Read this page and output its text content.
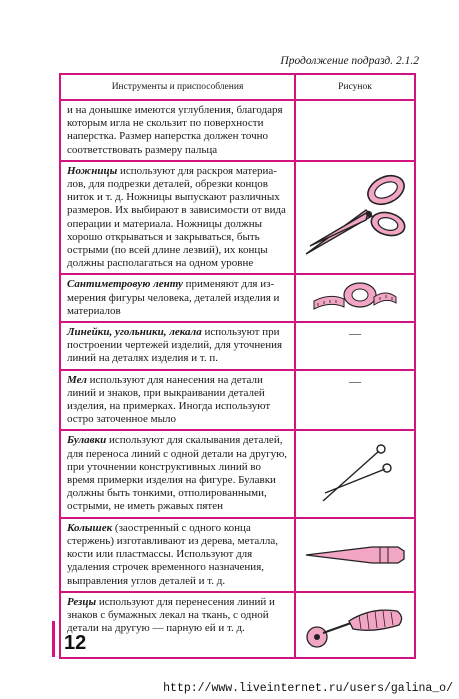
Продолжение подразд. 2.1.2
Инструменты и приспособления	Рисунок
и на донышке имеются углубления, благодаря которым игла не скользит по поверхности наперстка. Размер наперстка должен точно соответствовать размеру пальца	
Ножницы используют для раскроя материалов, для подрезки деталей, обрезки концов ниток и т. д. Ножницы выпускают различных размеров. Их выбирают в зависимости от вида операции и материала. Ножницы должны хорошо открываться и закрываться, быть острыми (по всей длине лезвий), их концы должны располагаться на одном уровне	

Сантиметровую ленту применяют для измерения фигуры человека, деталей изделия и материалов	

Линейки, угольники, лекала используют при построении чертежей изделий, для уточнения линий на деталях изделия и т. п.	—

Мел используют для нанесения на детали линий и знаков, при выкраивании деталей изделия, на примерках. Иногда используют остро заточенное мыло	—

Булавки используют для скалывания деталей, для переноса линий с одной детали на другую, при уточнении конструктивных линий во время примерки изделия на фигуре. Булавки должны быть тонкими, отполированными, острыми, не иметь ржавых пятен	

Колышек (заостренный с одного конца стержень) изготавливают из дерева, металла, кости или пластмассы. Используют для удаления строчек временного назначения, выправления углов деталей и т. д.	

Резцы используют для перенесения линий и знаков с бумажных лекал на ткань, с одной детали на другую — парную ей и т. д.	
12
http://www.liveinternet.ru/users/galina_o/
